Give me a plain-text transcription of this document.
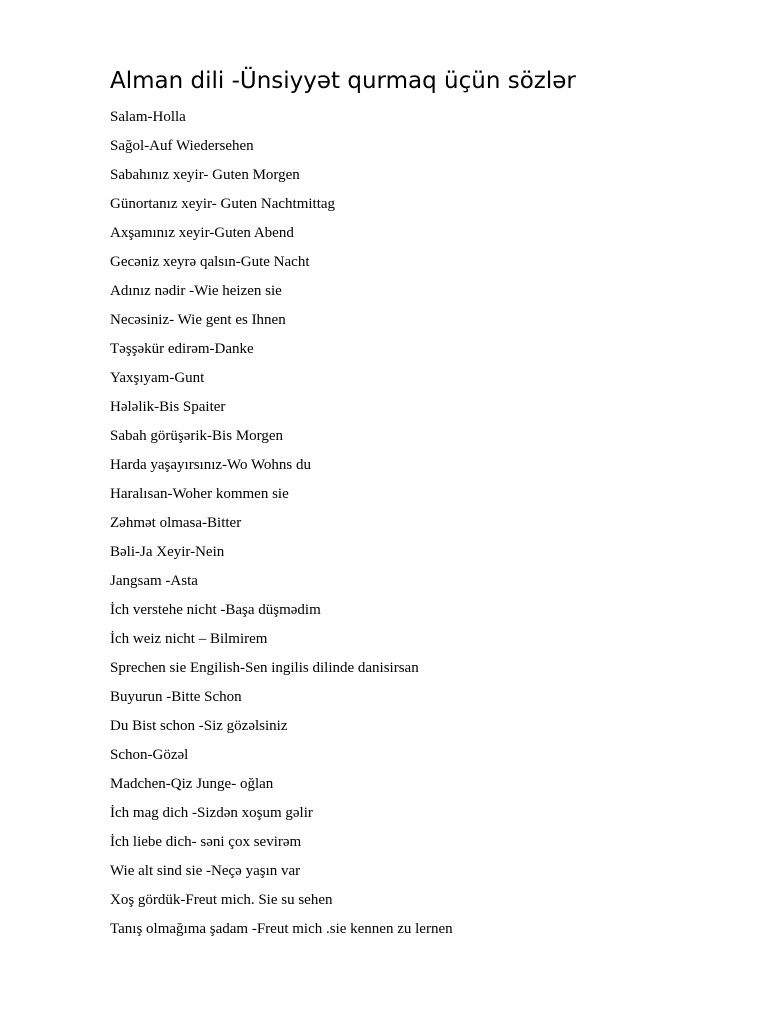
Alman dili -Ünsiyyət qurmaq üçün sözlər
Salam-Holla
Sağol-Auf Wiedersehen
Sabahınız xeyir- Guten Morgen
Günortanız xeyir- Guten Nachtmittag
Axşamınız xeyir-Guten Abend
Gecəniz xeyrə qalsın-Gute Nacht
Adınız nədir -Wie heizen sie
Necəsiniz- Wie gent es Ihnen
Təşşəkür edirəm-Danke
Yaxşıyam-Gunt
Hələlik-Bis Spaiter
Sabah görüşərik-Bis Morgen
Harda yaşayırsınız-Wo Wohns du
Haralısan-Woher kommen sie
Zəhmət olmasa-Bitter
Bəli-Ja Xeyir-Nein
Jangsam -Asta
İch verstehe nicht -Başa düşmədim
İch weiz nicht – Bilmirem
Sprechen sie Engilish-Sen ingilis dilinde danisirsan
Buyurun -Bitte Schon
Du Bist schon -Siz gözəlsiniz
Schon-Gözəl
Madchen-Qiz Junge- oğlan
İch mag dich -Sizdən xoşum gəlir
İch liebe dich- səni çox sevirəm
Wie alt sind sie -Neçə yaşın var
Xoş gördük-Freut mich. Sie su sehen
Tanış olmağıma şadam -Freut mich .sie kennen zu lernen
